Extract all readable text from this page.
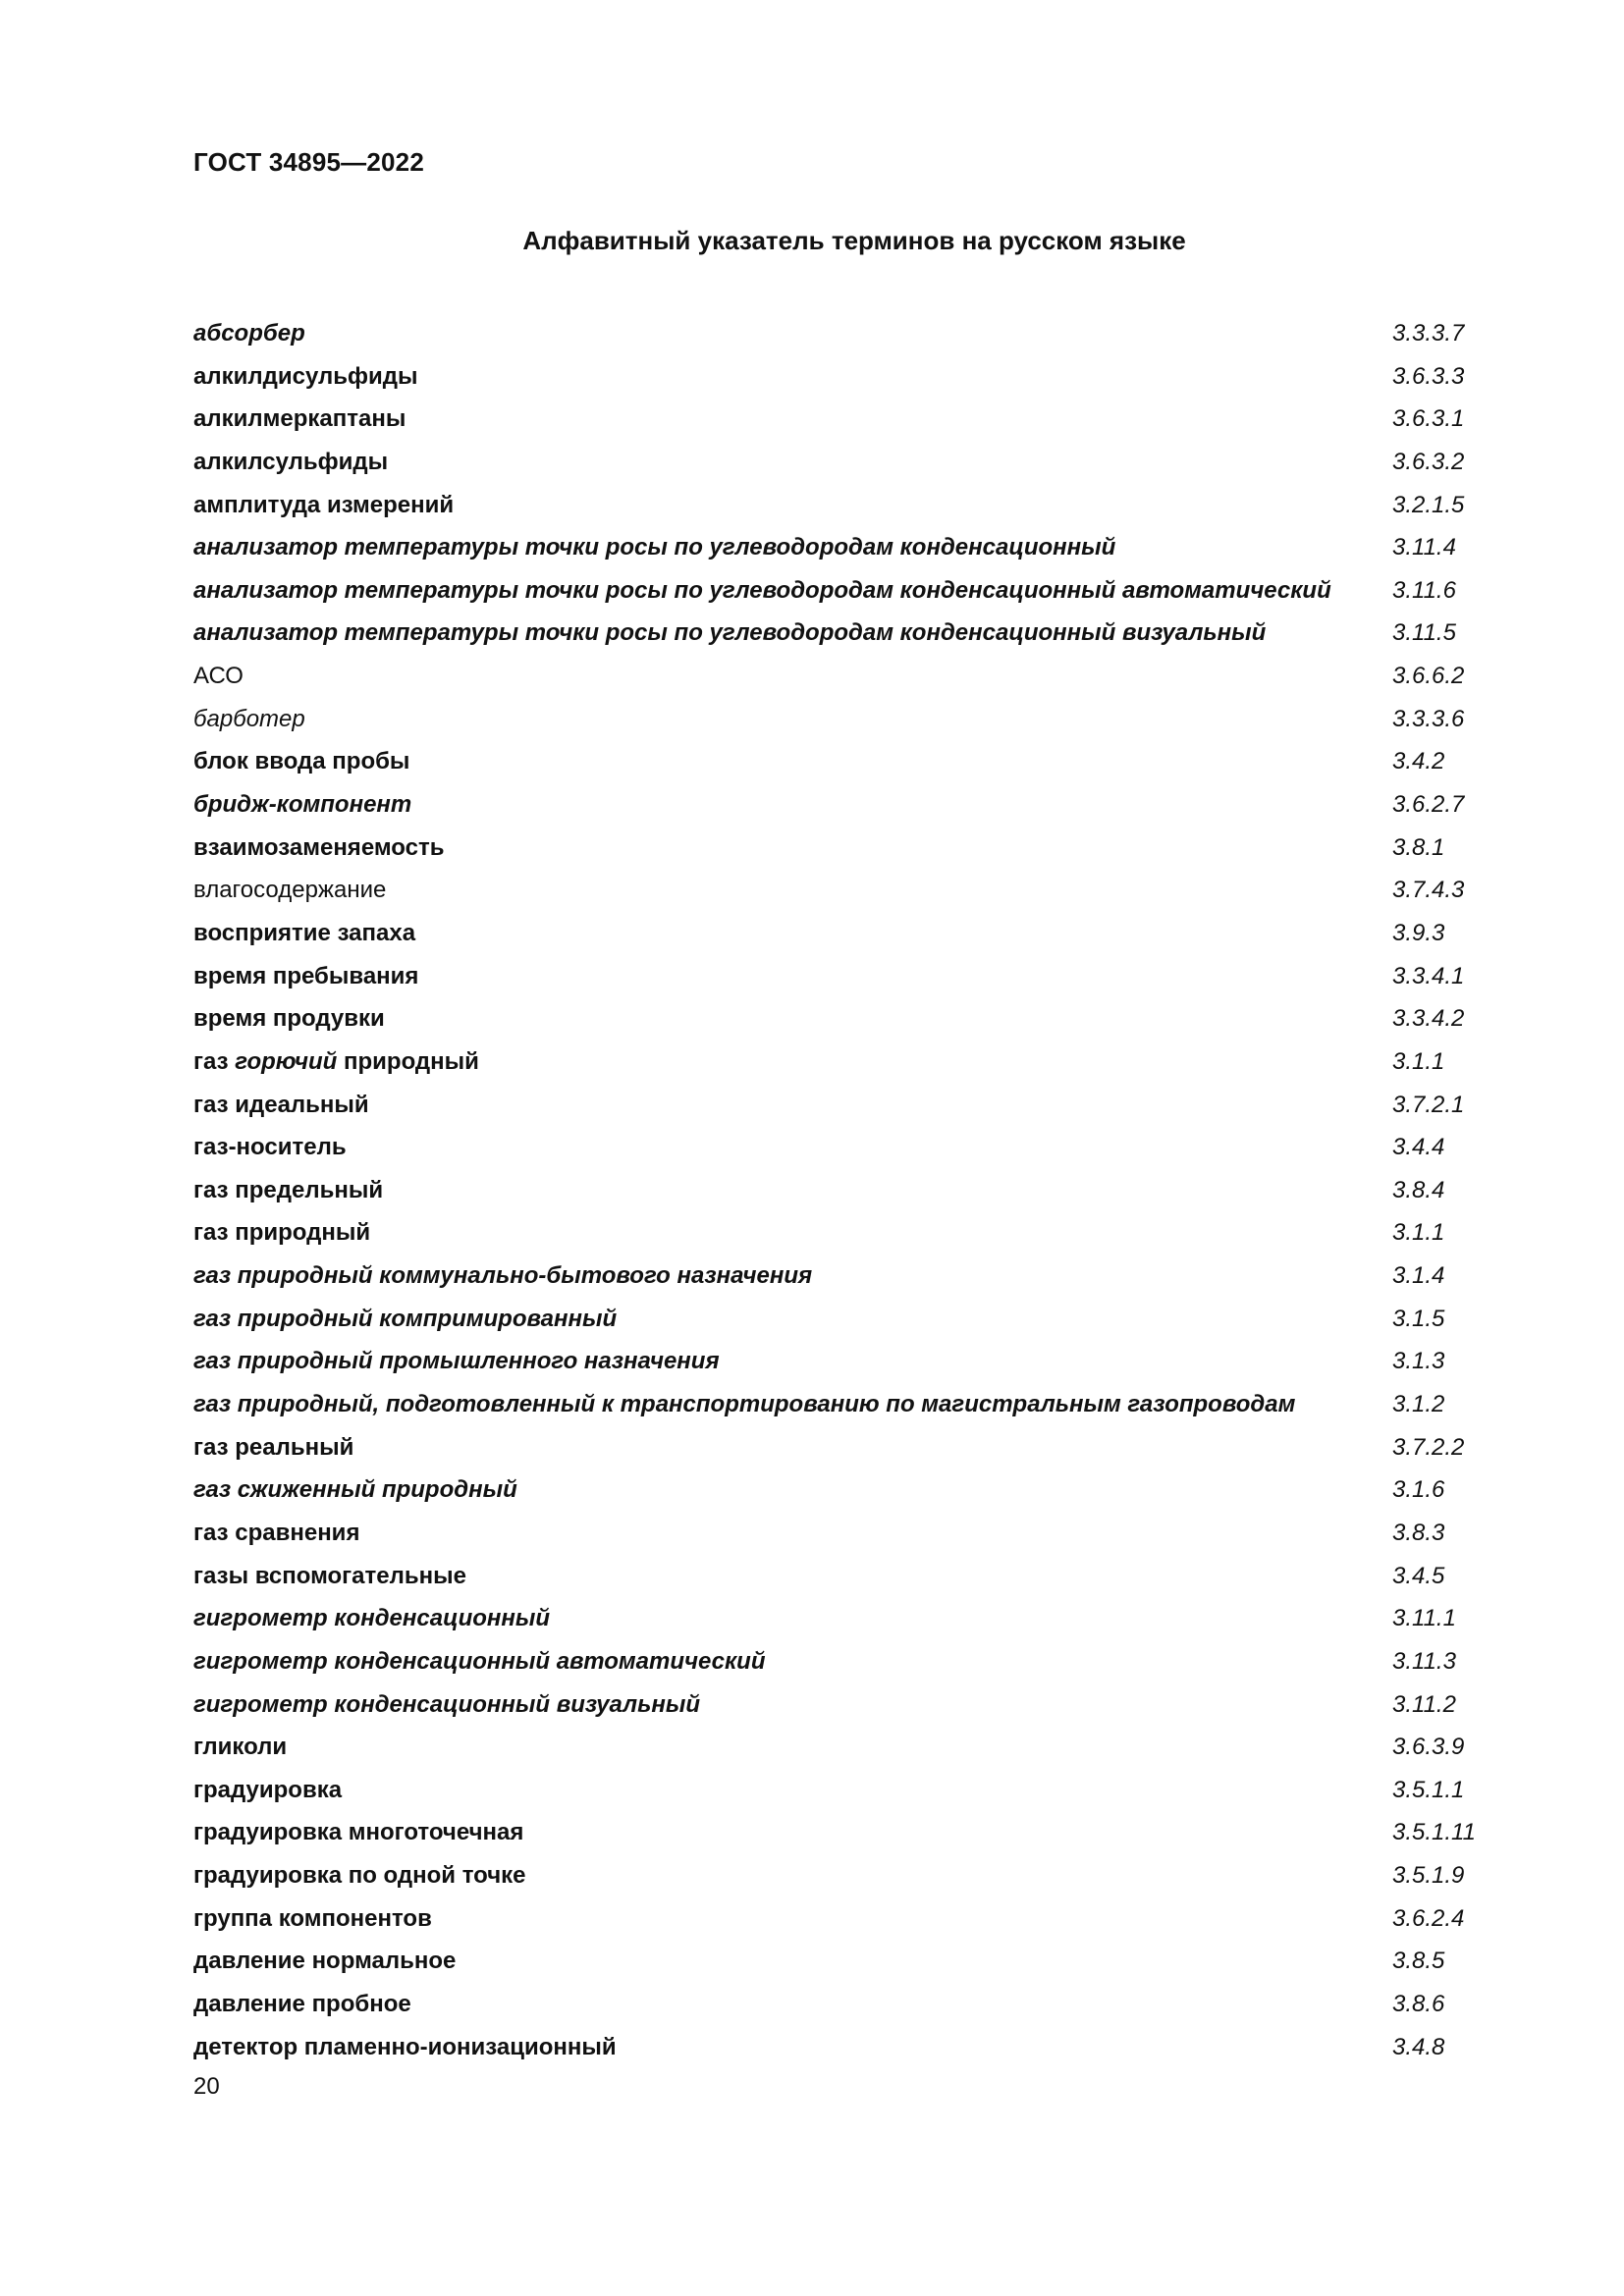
ГОСТ 34895—2022
Алфавитный указатель терминов на русском языке
абсорбер	3.3.3.7
алкилдисульфиды	3.6.3.3
алкилмеркаптаны	3.6.3.1
алкилсульфиды	3.6.3.2
амплитуда измерений	3.2.1.5
анализатор температуры точки росы по углеводородам конденсационный	3.11.4
анализатор температуры точки росы по углеводородам конденсационный автоматический	3.11.6
анализатор температуры точки росы по углеводородам конденсационный визуальный	3.11.5
АСО	3.6.6.2
барботер	3.3.3.6
блок ввода пробы	3.4.2
бридж-компонент	3.6.2.7
взаимозаменяемость	3.8.1
влагосодержание	3.7.4.3
восприятие запаха	3.9.3
время пребывания	3.3.4.1
время продувки	3.3.4.2
газ горючий природный	3.1.1
газ идеальный	3.7.2.1
газ-носитель	3.4.4
газ предельный	3.8.4
газ природный	3.1.1
газ природный коммунально-бытового назначения	3.1.4
газ природный компримированный	3.1.5
газ природный промышленного назначения	3.1.3
газ природный, подготовленный к транспортированию по магистральным газопроводам	3.1.2
газ реальный	3.7.2.2
газ сжиженный природный	3.1.6
газ сравнения	3.8.3
газы вспомогательные	3.4.5
гигрометр конденсационный	3.11.1
гигрометр конденсационный автоматический	3.11.3
гигрометр конденсационный визуальный	3.11.2
гликоли	3.6.3.9
градуировка	3.5.1.1
градуировка многоточечная	3.5.1.11
градуировка по одной точке	3.5.1.9
группа компонентов	3.6.2.4
давление нормальное	3.8.5
давление пробное	3.8.6
детектор пламенно-ионизационный	3.4.8
20
